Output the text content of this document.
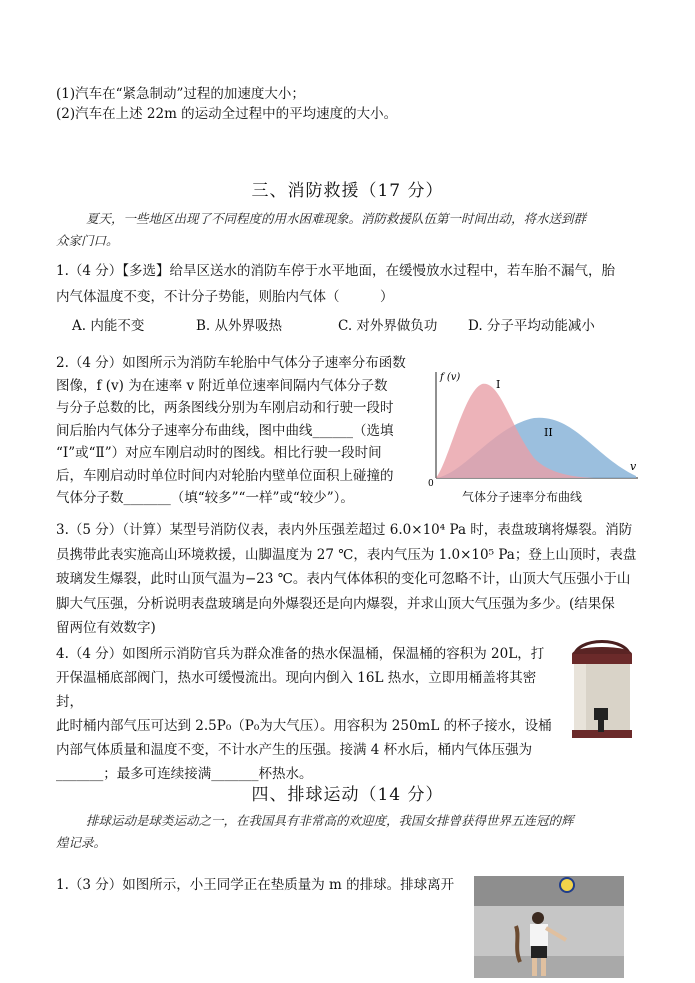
(1)汽车在“紧急制动”过程的加速度大小；
(2)汽车在上述 22m 的运动全过程中的平均速度的大小。
三、消防救援（17 分）
夏天，一些地区出现了不同程度的用水困难现象。消防救援队伍第一时间出动，将水送到群
众家门口。
1.（4 分）【多选】给旱区送水的消防车停于水平地面，在缓慢放水过程中，若车胎不漏气，胎
内气体温度不变，不计分子势能，则胎内气体（　　　）
A. 内能不变	B. 从外界吸热	C. 对外界做负功 D. 分子平均动能减小
2.（4 分）如图所示为消防车轮胎中气体分子速率分布函数
图像，f (v) 为在速率 v 附近单位速率间隔内气体分子数
与分子总数的比，两条图线分别为车刚启动和行驶一段时
间后胎内气体分子速率分布曲线，图中曲线______（选填
“Ⅰ”或“Ⅱ”）对应车刚启动时的图线。相比行驶一段时间
后，车刚启动时单位时间内对轮胎内壁单位面积上碰撞的
气体分子数_______（填“较多”“一样”或“较少”）。
f (v)
v
0
I
II
气体分子速率分布曲线
3.（5 分）（计算）某型号消防仪表，表内外压强差超过 6.0×10⁴ Pa 时，表盘玻璃将爆裂。消防
员携带此表实施高山环境救援，山脚温度为 27 ℃，表内气压为 1.0×10⁵ Pa；登上山顶时，表盘
玻璃发生爆裂，此时山顶气温为−23 ℃。表内气体体积的变化可忽略不计，山顶大气压强小于山
脚大气压强，分析说明表盘玻璃是向外爆裂还是向内爆裂，并求山顶大气压强为多少。(结果保
留两位有效数字)
4.（4 分）如图所示消防官兵为群众准备的热水保温桶，保温桶的容积为 20L，打
开保温桶底部阀门，热水可缓慢流出。现向内倒入 16L 热水，立即用桶盖将其密封，
此时桶内部气压可达到 2.5P₀（P₀为大气压）。用容积为 250mL 的杯子接水，设桶
内部气体质量和温度不变，不计水产生的压强。接满 4 杯水后，桶内气体压强为
_______；最多可连续接满_______杯热水。
四、排球运动（14 分）
排球运动是球类运动之一，在我国具有非常高的欢迎度，我国女排曾获得世界五连冠的辉
煌记录。
1.（3 分）如图所示，小王同学正在垫质量为 m 的排球。排球离开
